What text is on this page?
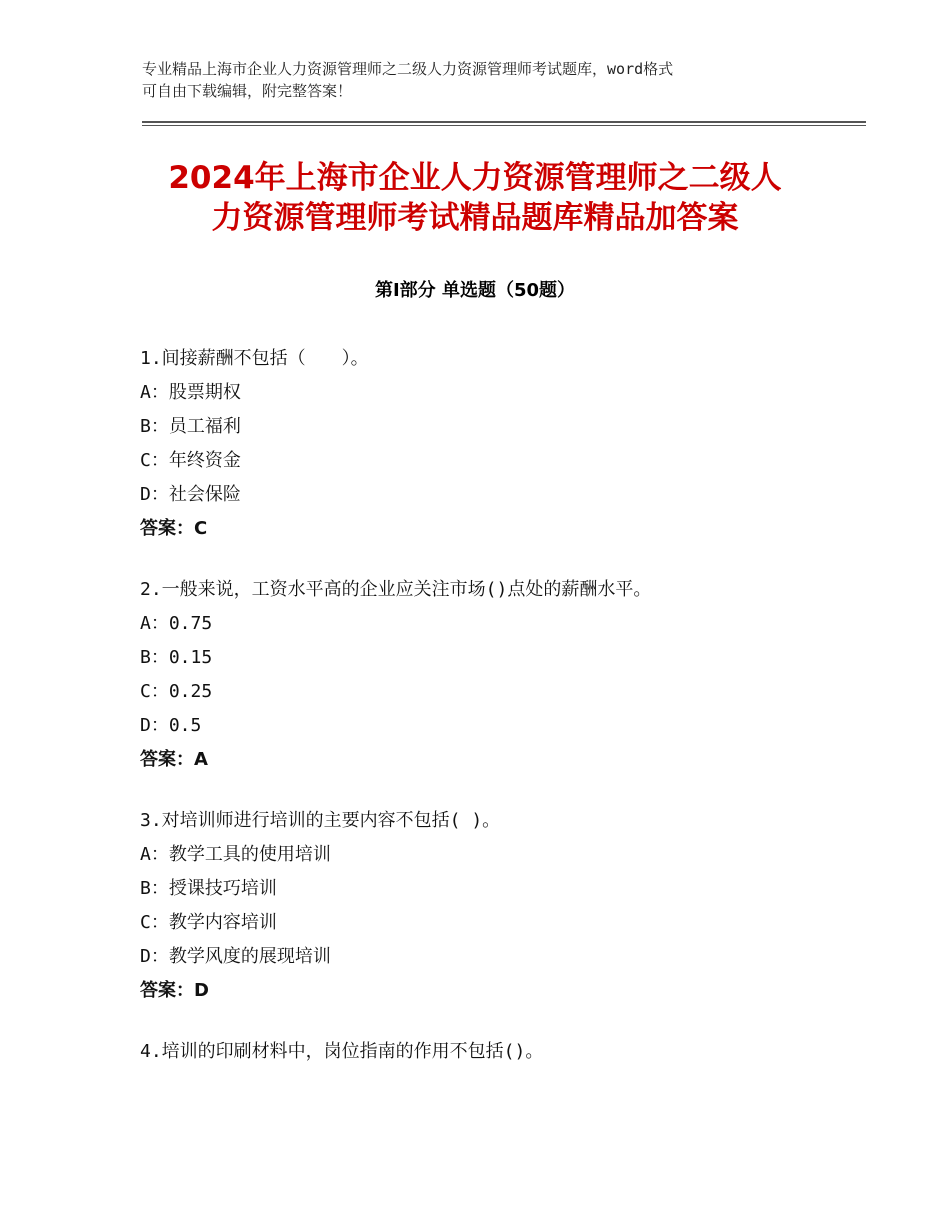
专业精品上海市企业人力资源管理师之二级人力资源管理师考试题库，word格式
可自由下载编辑，附完整答案！
2024年上海市企业人力资源管理师之二级人
力资源管理师考试精品题库精品加答案
第Ⅰ部分 单选题（50题）
1.间接薪酬不包括（　　）。
A：股票期权
B：员工福利
C：年终资金
D：社会保险
答案：C
2.一般来说，工资水平高的企业应关注市场()点处的薪酬水平。
A：0.75
B：0.15
C：0.25
D：0.5
答案：A
3.对培训师进行培训的主要内容不包括( )。
A：教学工具的使用培训
B：授课技巧培训
C：教学内容培训
D：教学风度的展现培训
答案：D
4.培训的印刷材料中，岗位指南的作用不包括()。
